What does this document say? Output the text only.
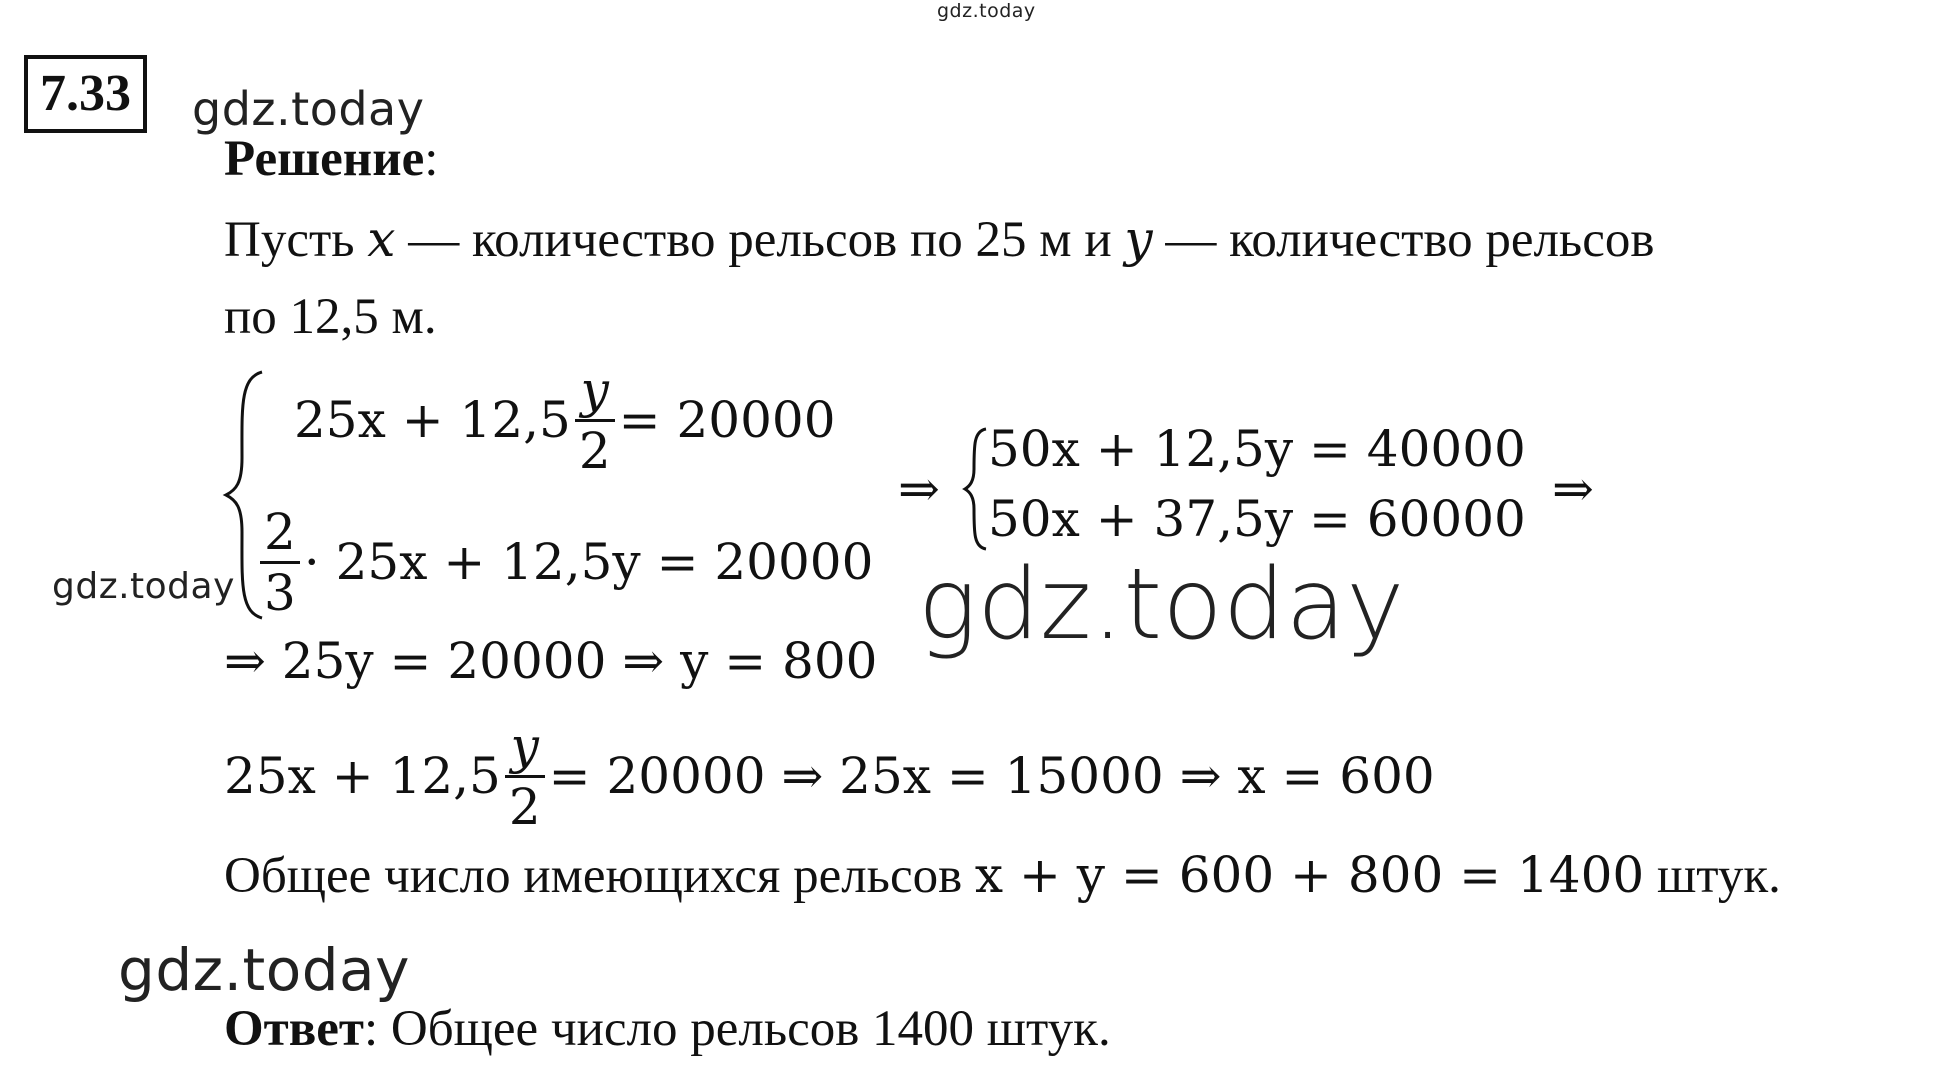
gdz.today
7.33	gdz.today
Решение:
Пусть x — количество рельсов по 25 м и y — количество рельсов
по 12,5 м.
$25x + 12,5 \frac{y}{2} = 20000$
$\frac{2}{3} \cdot 25x + 12,5y = 20000$
⇒
50x + 12,5y = 40000
50x + 37,5y = 60000
⇒
gdz.today	gdz.today
⇒ 25y = 20000 ⇒ y = 800
$25x + 12,5 \frac{y}{2} = 20000$ ⇒ 25x = 15000 ⇒ x = 600
Общее число имеющихся рельсов x + y = 600 + 800 = 1400 штук.
gdz.today
Ответ: Общее число рельсов 1400 штук.
